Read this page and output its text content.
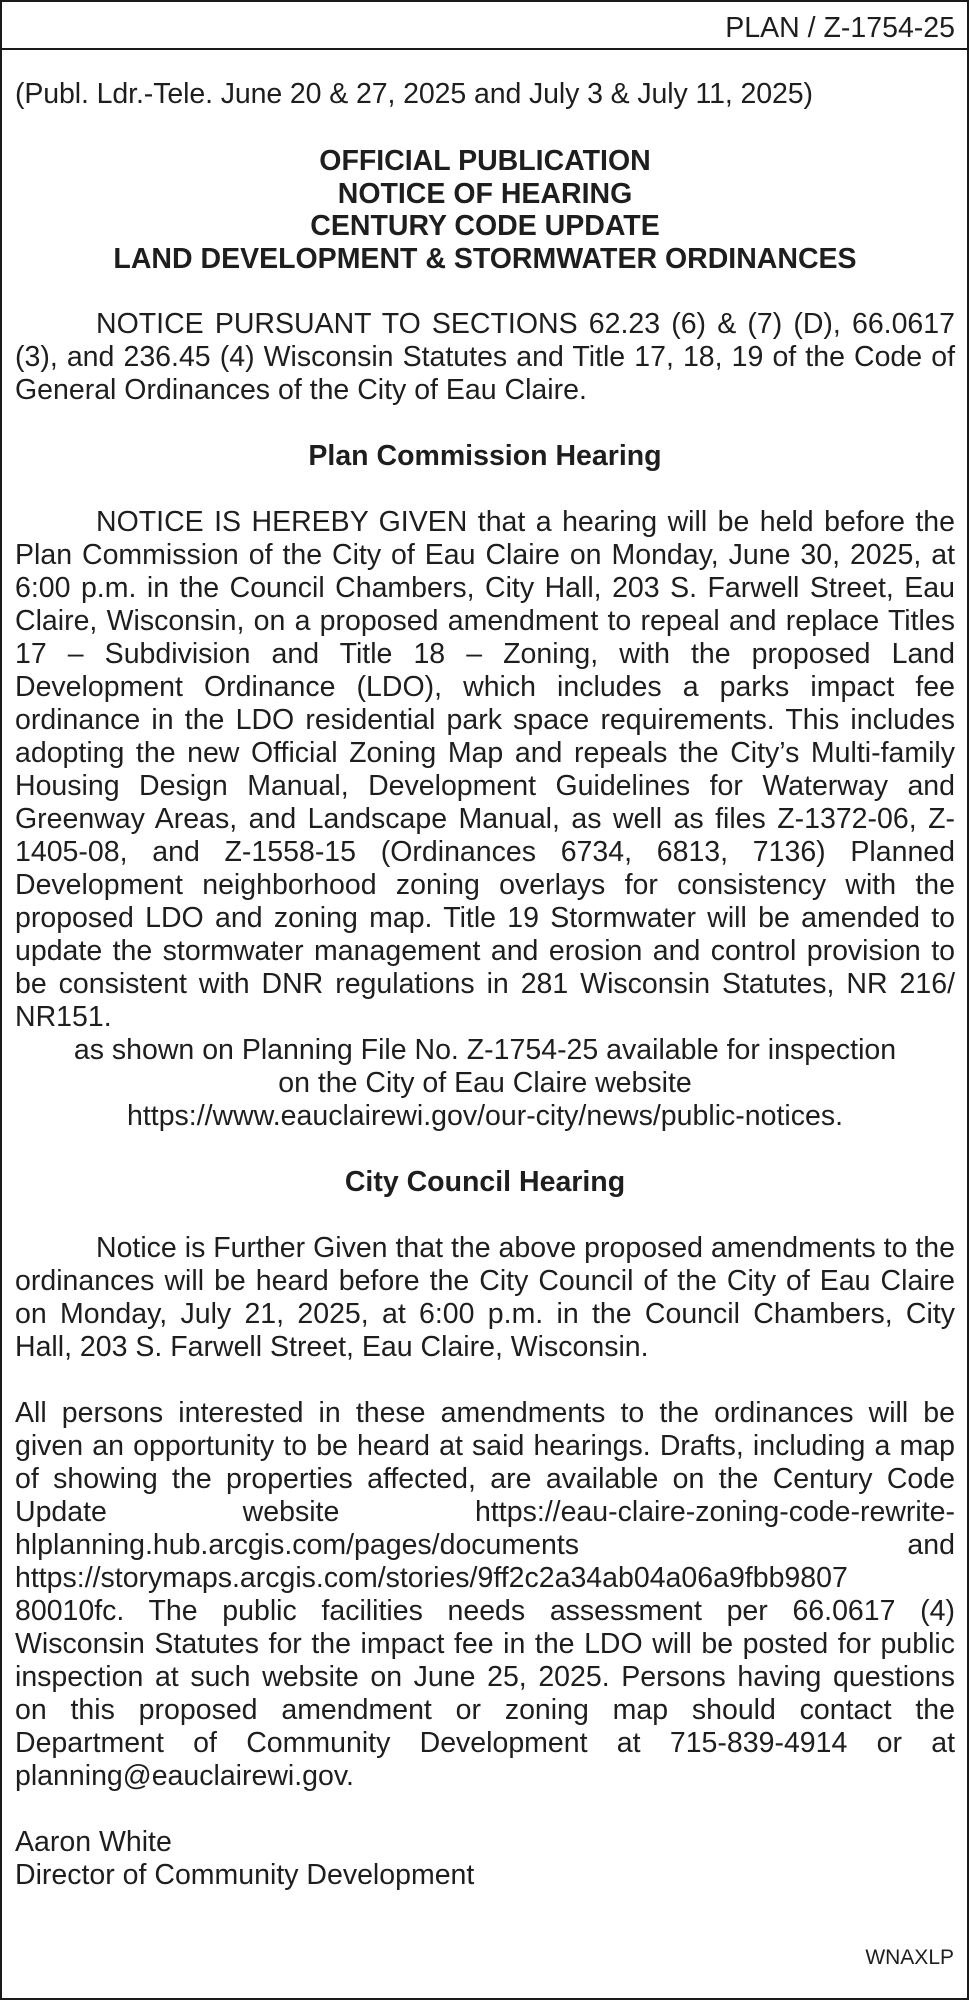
PLAN / Z-1754-25

(Publ. Ldr.-Tele. June 20 & 27, 2025 and July 3 & July 11, 2025)

OFFICIAL PUBLICATION
NOTICE OF HEARING
CENTURY CODE UPDATE
LAND DEVELOPMENT & STORMWATER ORDINANCES

NOTICE PURSUANT TO SECTIONS 62.23 (6) & (7) (D), 66.0617 (3), and 236.45 (4) Wisconsin Statutes and Title 17, 18, 19 of the Code of General Ordinances of the City of Eau Claire.

Plan Commission Hearing

NOTICE IS HEREBY GIVEN that a hearing will be held before the Plan Commission of the City of Eau Claire on Monday, June 30, 2025, at 6:00 p.m. in the Council Chambers, City Hall, 203 S. Farwell Street, Eau Claire, Wisconsin, on a proposed amendment to repeal and replace Titles 17 – Subdivision and Title 18 – Zoning, with the proposed Land Development Ordinance (LDO), which includes a parks impact fee ordinance in the LDO residential park space requirements. This includes adopting the new Official Zoning Map and repeals the City’s Multi-family Housing Design Manual, Development Guidelines for Waterway and Greenway Areas, and Landscape Manual, as well as files Z-1372-06, Z-1405-08, and Z-1558-15 (Ordinances 6734, 6813, 7136) Planned Development neighborhood zoning overlays for consistency with the proposed LDO and zoning map. Title 19 Stormwater will be amended to update the stormwater management and erosion and control provision to be consistent with DNR regulations in 281 Wisconsin Statutes, NR 216/ NR151.

as shown on Planning File No. Z-1754-25 available for inspection

on the City of Eau Claire website

https://www.eauclairewi.gov/our-city/news/public-notices.

City Council Hearing

Notice is Further Given that the above proposed amendments to the ordinances will be heard before the City Council of the City of Eau Claire on Monday, July 21, 2025, at 6:00 p.m. in the Council Chambers, City Hall, 203 S. Farwell Street, Eau Claire, Wisconsin.

All persons interested in these amendments to the ordinances will be given an opportunity to be heard at said hearings. Drafts, including a map of showing the properties affected, are available on the Century Code Update website https://eau-claire-zoning-code-​rewrite-hlplanning.hub.arcgis.com/pages/documents and https://storymaps.arcgis.com/stories/9ff2c2a34ab04a06a9fbb9807​80010fc. The public facilities needs assessment per 66.0617 (4) Wisconsin Statutes for the impact fee in the LDO will be posted for public inspection at such website on June 25, 2025. Persons having questions on this proposed amendment or zoning map should contact the Department of Community Development at 715-839-​4914 or at planning@eauclairewi.gov.

Aaron White
Director of Community Development
WNAXLP
